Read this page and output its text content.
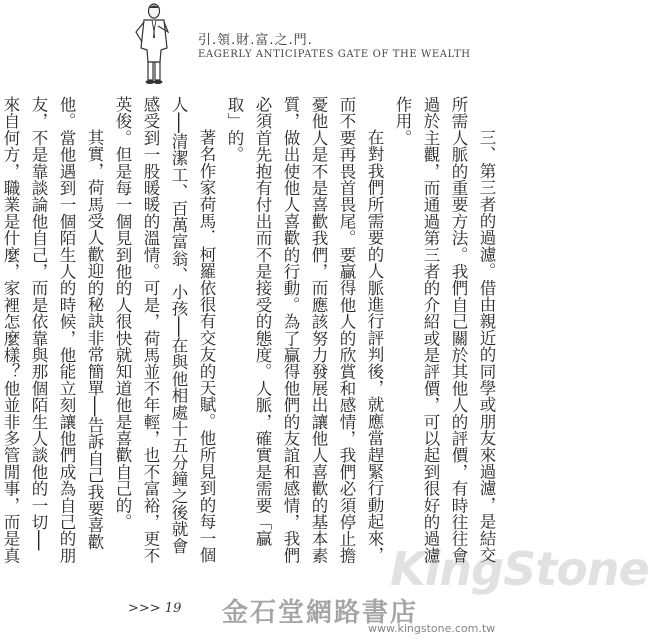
引.領.財.富.之.門.
EAGERLY ANTICIPATES GATE OF THE WEALTH

三、第三者的過濾。借由親近的同學或朋友來過濾，是結交所需人脈的重要方法。我們自己關於其他人的評價，有時往往會過於主觀，而通過第三者的介紹或是評價，可以起到很好的過濾作用。

在對我們所需要的人脈進行評判後，就應當趕緊行動起來，而不要再畏首畏尾。要贏得他人的欣賞和感情，我們必須停止擔憂他人是不是喜歡我們，而應該努力發展出讓他人喜歡的基本素質，做出使他人喜歡的行動。為了贏得他們的友誼和感情，我們必須首先抱有付出而不是接受的態度。人脈，確實是需要「贏取」的。

著名作家荷馬．柯羅依很有交友的天賦。他所見到的每一個人──清潔工、百萬富翁、小孩──在與他相處十五分鐘之後就會感受到一股暖暖的溫情。可是，荷馬並不年輕，也不富裕，更不英俊。但是每一個見到他的人很快就知道他是喜歡自己的。

其實，荷馬受人歡迎的秘訣非常簡單──告訴自己我要喜歡他。當他遇到一個陌生人的時候，他能立刻讓他們成為自己的朋友，不是靠談論他自己，而是依靠與那個陌生人談他的一切──來自何方，職業是什麼，家裡怎麼樣？他並非多管閒事，而是真

>>> 19
KingStone
金石堂網路書店
www.kingstone.com.tw
